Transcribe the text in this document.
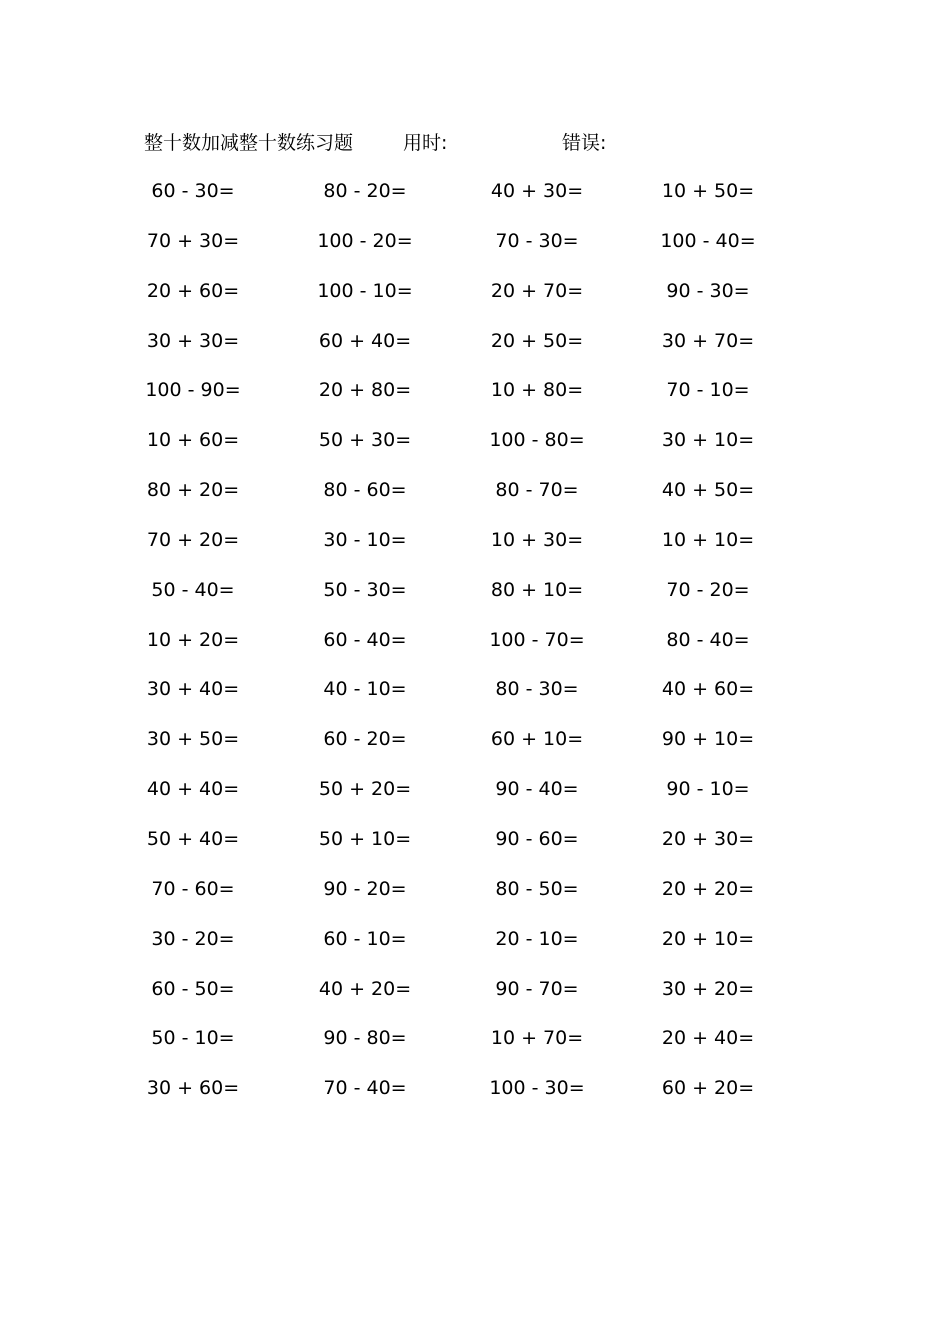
整十数加减整十数练习题	用时:	错误:
60 - 30=	80 - 20=	40 + 30=	10 + 50=
70 + 30=	100 - 20=	70 - 30=	100 - 40=
20 + 60=	100 - 10=	20 + 70=	90 - 30=
30 + 30=	60 + 40=	20 + 50=	30 + 70=
100 - 90=	20 + 80=	10 + 80=	70 - 10=
10 + 60=	50 + 30=	100 - 80=	30 + 10=
80 + 20=	80 - 60=	80 - 70=	40 + 50=
70 + 20=	30 - 10=	10 + 30=	10 + 10=
50 - 40=	50 - 30=	80 + 10=	70 - 20=
10 + 20=	60 - 40=	100 - 70=	80 - 40=
30 + 40=	40 - 10=	80 - 30=	40 + 60=
30 + 50=	60 - 20=	60 + 10=	90 + 10=
40 + 40=	50 + 20=	90 - 40=	90 - 10=
50 + 40=	50 + 10=	90 - 60=	20 + 30=
70 - 60=	90 - 20=	80 - 50=	20 + 20=
30 - 20=	60 - 10=	20 - 10=	20 + 10=
60 - 50=	40 + 20=	90 - 70=	30 + 20=
50 - 10=	90 - 80=	10 + 70=	20 + 40=
30 + 60=	70 - 40=	100 - 30=	60 + 20=
